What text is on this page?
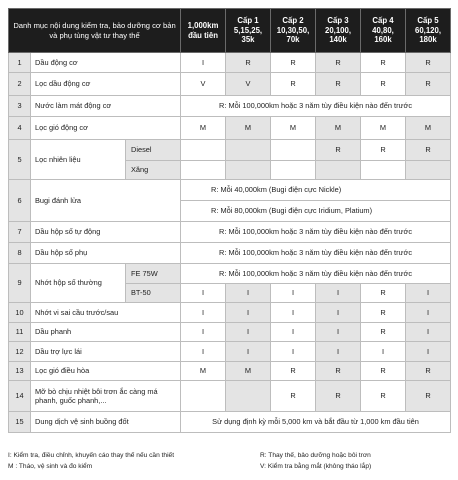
Danh mục nội dung kiểm tra, bảo dưỡng cơ bản và phụ tùng vật tư thay thế			1,000km đầu tiên	Cấp 1 5,15,25, 35k	Cấp 2 10,30,50, 70k	Cấp 3 20,100, 140k	Cấp 4 40,80, 160k	Cấp 5 60,120, 180k
1	Dầu động cơ		I	R	R	R	R	R
2	Lọc dầu động cơ		V	V	R	R	R	R
3	Nước làm mát động cơ		R: Mỗi 100,000km hoặc 3 năm tùy điều kiện nào đến trước					
4	Lọc gió động cơ		M	M	M	M	M	M
5	Lọc nhiên liệu	Diesel				R	R	R
		Xăng						
6	Bugi đánh lửa		R: Mỗi 40,000km (Bugi điện cực Nickle)					
			R: Mỗi 80,000km (Bugi điện cực Iridium, Platium)					
7	Dầu hộp số tự động		R: Mỗi 100,000km hoặc 3 năm tùy điều kiện nào đến trước					
8	Dầu hộp số phụ		R: Mỗi 100,000km hoặc 3 năm tùy điều kiện nào đến trước					
9	Nhớt hộp số thường	FE 75W	R: Mỗi 100,000km hoặc 3 năm tùy điều kiện nào đến trước					
		BT-50	I	I	I	I	R	I
10	Nhớt vi sai cầu trước/sau		I	I	I	I	R	I
11	Dầu phanh		I	I	I	I	R	I
12	Dầu trợ lực lái		I	I	I	I	I	I
13	Lọc gió điều hòa		M	M	R	R	R	R
14	Mỡ bò chịu nhiệt bôi trơn ắc càng má phanh, guốc phanh,...				R	R	R	R
15	Dung dịch vệ sinh buồng đốt		Sử dụng định kỳ mỗi 5,000 km và bắt đầu từ 1,000 km đầu tiên					
I: Kiểm tra, điều chỉnh, khuyến cáo thay thế nếu cần thiết	R: Thay thế, bảo dưỡng hoặc bôi trơn
M : Tháo, vệ sinh và đo kiểm	V: Kiểm tra bằng mắt (không tháo lắp)
